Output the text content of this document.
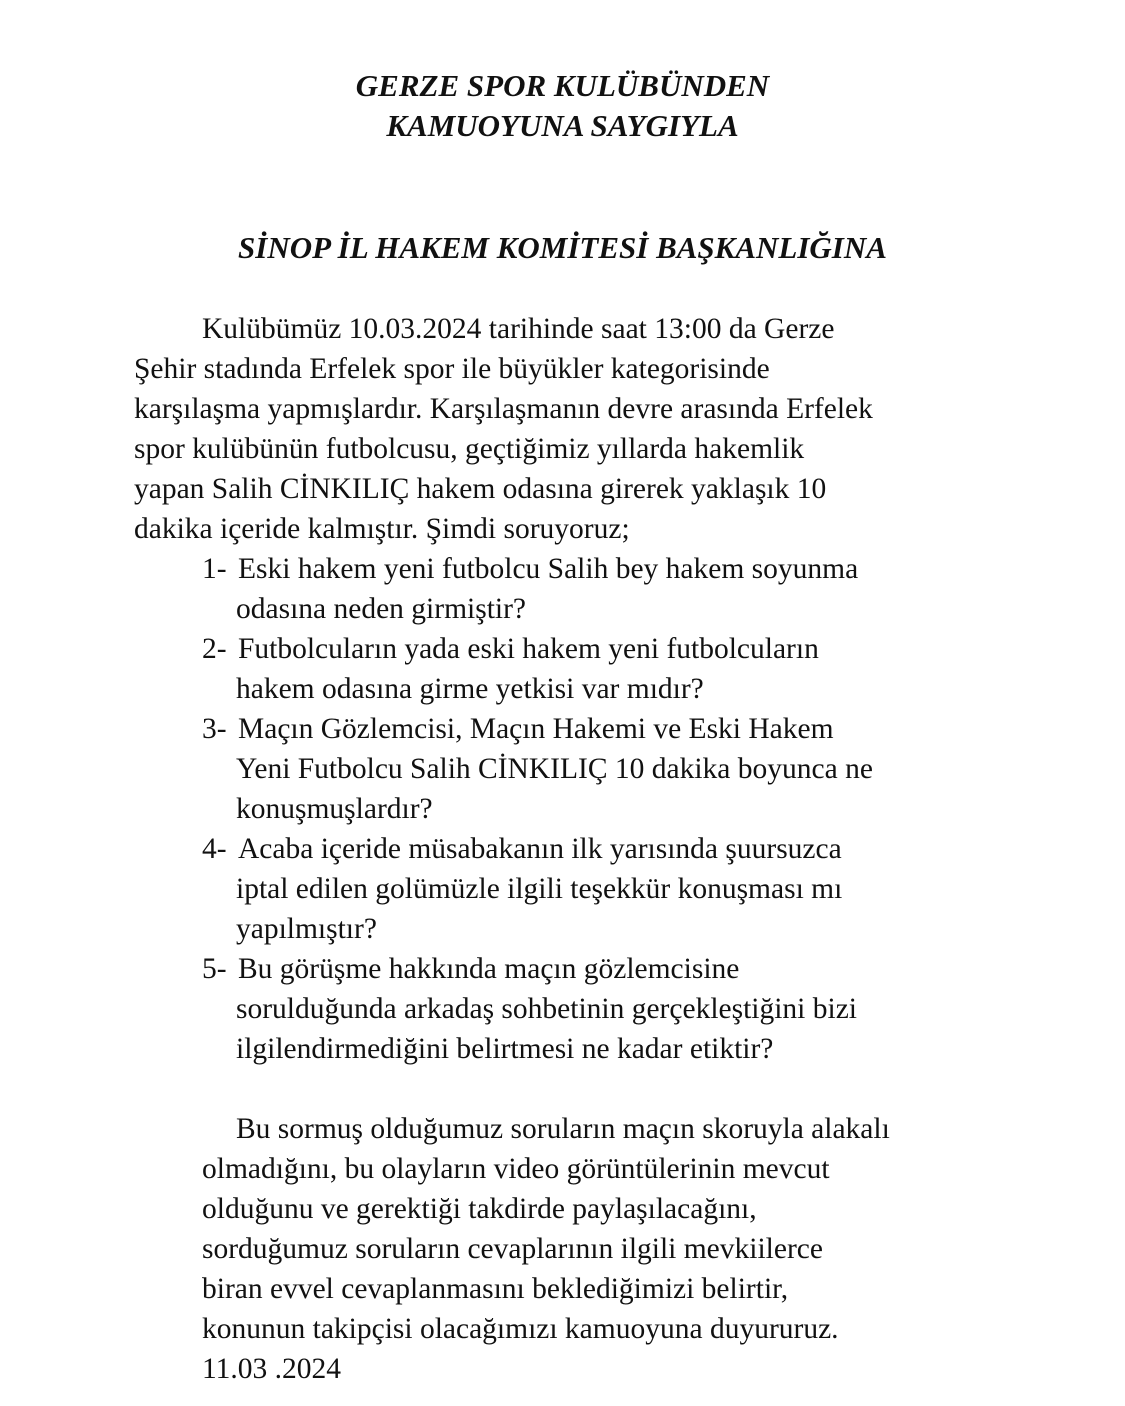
GERZE SPOR KULÜBÜNDEN
KAMUOYUNA SAYGIYLA
SİNOP İL HAKEM KOMİTESİ BAŞKANLIĞINA

Kulübümüz 10.03.2024 tarihinde saat 13:00 da Gerze

Şehir stadında Erfelek spor ile büyükler kategorisinde

karşılaşma yapmışlardır. Karşılaşmanın devre arasında Erfelek

spor kulübünün futbolcusu, geçtiğimiz yıllarda hakemlik

yapan Salih CİNKILIÇ hakem odasına girerek yaklaşık 10

dakika içeride kalmıştır. Şimdi soruyoruz;

1- Eski hakem yeni futbolcu Salih bey hakem soyunma
odasına neden girmiştir?
2- Futbolcuların yada eski hakem yeni futbolcuların
hakem odasına girme yetkisi var mıdır?
3- Maçın Gözlemcisi, Maçın Hakemi ve Eski Hakem
Yeni Futbolcu Salih CİNKILIÇ 10 dakika boyunca ne
konuşmuşlardır?
4- Acaba içeride müsabakanın ilk yarısında şuursuzca
iptal edilen golümüzle ilgili teşekkür konuşması mı
yapılmıştır?
5- Bu görüşme hakkında maçın gözlemcisine
sorulduğunda arkadaş sohbetinin gerçekleştiğini bizi
ilgilendirmediğini belirtmesi ne kadar etiktir?

Bu sormuş olduğumuz soruların maçın skoruyla alakalı

olmadığını, bu olayların video görüntülerinin mevcut

olduğunu ve gerektiği takdirde paylaşılacağını,

sorduğumuz soruların cevaplarının ilgili mevkiilerce

biran evvel cevaplanmasını beklediğimizi belirtir,

konunun takipçisi olacağımızı kamuoyuna duyururuz.

11.03 .2024
